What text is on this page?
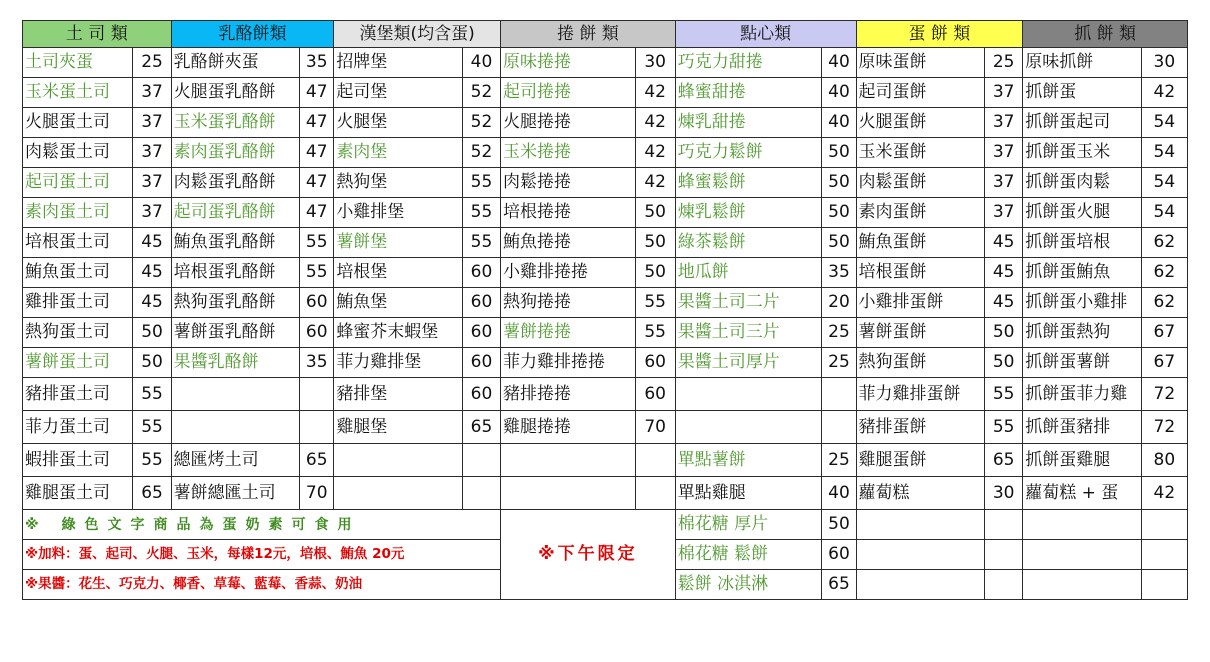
土 司 類		乳酪餅類		漢堡類(均含蛋)		捲 餅 類		點心類		蛋 餅 類		抓 餅 類	
土司夾蛋	25	乳酪餅夾蛋	35	招牌堡	40	原味捲捲	30	巧克力甜捲	40	原味蛋餅	25	原味抓餅	30
玉米蛋土司	37	火腿蛋乳酪餅	47	起司堡	52	起司捲捲	42	蜂蜜甜捲	40	起司蛋餅	37	抓餅蛋	42
火腿蛋土司	37	玉米蛋乳酪餅	47	火腿堡	52	火腿捲捲	42	煉乳甜捲	40	火腿蛋餅	37	抓餅蛋起司	54
肉鬆蛋土司	37	素肉蛋乳酪餅	47	素肉堡	52	玉米捲捲	42	巧克力鬆餅	50	玉米蛋餅	37	抓餅蛋玉米	54
起司蛋土司	37	肉鬆蛋乳酪餅	47	熱狗堡	55	肉鬆捲捲	42	蜂蜜鬆餅	50	肉鬆蛋餅	37	抓餅蛋肉鬆	54
素肉蛋土司	37	起司蛋乳酪餅	47	小雞排堡	55	培根捲捲	50	煉乳鬆餅	50	素肉蛋餅	37	抓餅蛋火腿	54
培根蛋土司	45	鮪魚蛋乳酪餅	55	薯餅堡	55	鮪魚捲捲	50	綠茶鬆餅	50	鮪魚蛋餅	45	抓餅蛋培根	62
鮪魚蛋土司	45	培根蛋乳酪餅	55	培根堡	60	小雞排捲捲	50	地瓜餅	35	培根蛋餅	45	抓餅蛋鮪魚	62
雞排蛋土司	45	熱狗蛋乳酪餅	60	鮪魚堡	60	熱狗捲捲	55	果醬土司二片	20	小雞排蛋餅	45	抓餅蛋小雞排	62
熱狗蛋土司	50	薯餅蛋乳酪餅	60	蜂蜜芥末蝦堡	60	薯餅捲捲	55	果醬土司三片	25	薯餅蛋餅	50	抓餅蛋熱狗	67
薯餅蛋土司	50	果醬乳酪餅	35	菲力雞排堡	60	菲力雞排捲捲	60	果醬土司厚片	25	熱狗蛋餅	50	抓餅蛋薯餅	67
豬排蛋土司	55			豬排堡	60	豬排捲捲	60			菲力雞排蛋餅	55	抓餅蛋菲力雞	72
菲力蛋土司	55			雞腿堡	65	雞腿捲捲	70			豬排蛋餅	55	抓餅蛋豬排	72
蝦排蛋土司	55	總匯烤土司	65					單點薯餅	25	雞腿蛋餅	65	抓餅蛋雞腿	80
雞腿蛋土司	65	薯餅總匯土司	70					單點雞腿	40	蘿蔔糕	30	蘿蔔糕 + 蛋	42
※ 綠色文字商品為蛋奶素可食用						※下午限定		棉花糖 厚片	50				
※加料：蛋、起司、火腿、玉米，每樣12元，培根、鮪魚 20元								棉花糖 鬆餅	60				
※果醬：花生、巧克力、椰香、草莓、藍莓、香蒜、奶油								鬆餅 冰淇淋	65				
